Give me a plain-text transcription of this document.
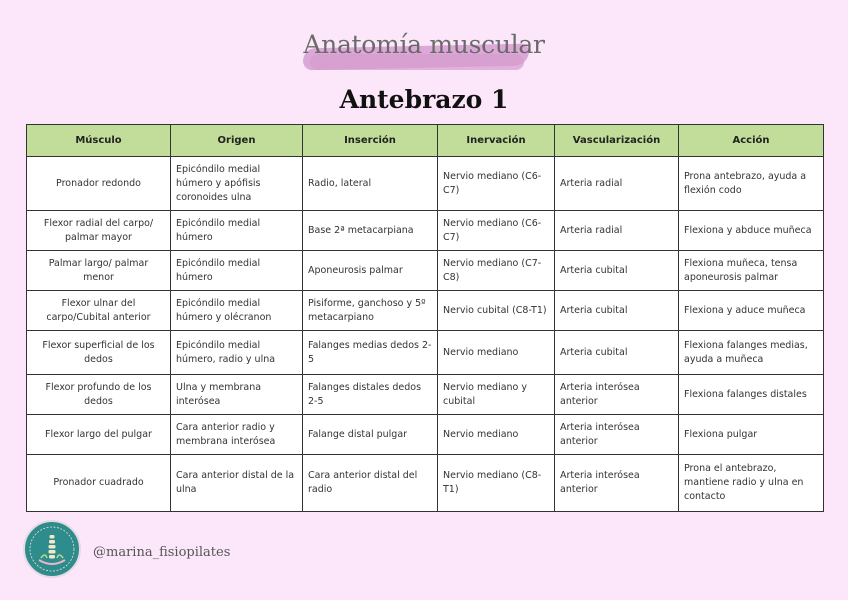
Anatomía muscular
Antebrazo 1
Músculo	Origen	Inserción	Inervación	Vascularización	Acción
Pronador redondo	Epicóndilo medial húmero y apófisis coronoides ulna	Radio, lateral	Nervio mediano (C6-C7)	Arteria radial	Prona antebrazo, ayuda a flexión codo
Flexor radial del carpo/ palmar mayor	Epicóndilo medial húmero	Base 2ª metacarpiana	Nervio mediano (C6-C7)	Arteria radial	Flexiona y abduce muñeca
Palmar largo/ palmar menor	Epicóndilo medial húmero	Aponeurosis palmar	Nervio mediano (C7-C8)	Arteria cubital	Flexiona muñeca, tensa aponeurosis palmar
Flexor ulnar del carpo/Cubital anterior	Epicóndilo medial húmero y olécranon	Pisiforme, ganchoso y 5º metacarpiano	Nervio cubital (C8-T1)	Arteria cubital	Flexiona y aduce muñeca
Flexor superficial de los dedos	Epicóndilo medial húmero, radio y ulna	Falanges medias dedos 2-5	Nervio mediano	Arteria cubital	Flexiona falanges medias, ayuda a muñeca
Flexor profundo de los dedos	Ulna y membrana interósea	Falanges distales dedos 2-5	Nervio mediano y cubital	Arteria interósea anterior	Flexiona falanges distales
Flexor largo del pulgar	Cara anterior radio y membrana interósea	Falange distal pulgar	Nervio mediano	Arteria interósea anterior	Flexiona pulgar
Pronador cuadrado	Cara anterior distal de la ulna	Cara anterior distal del radio	Nervio mediano (C8-T1)	Arteria interósea anterior	Prona el antebrazo, mantiene radio y ulna en contacto
@marina_fisiopilates
